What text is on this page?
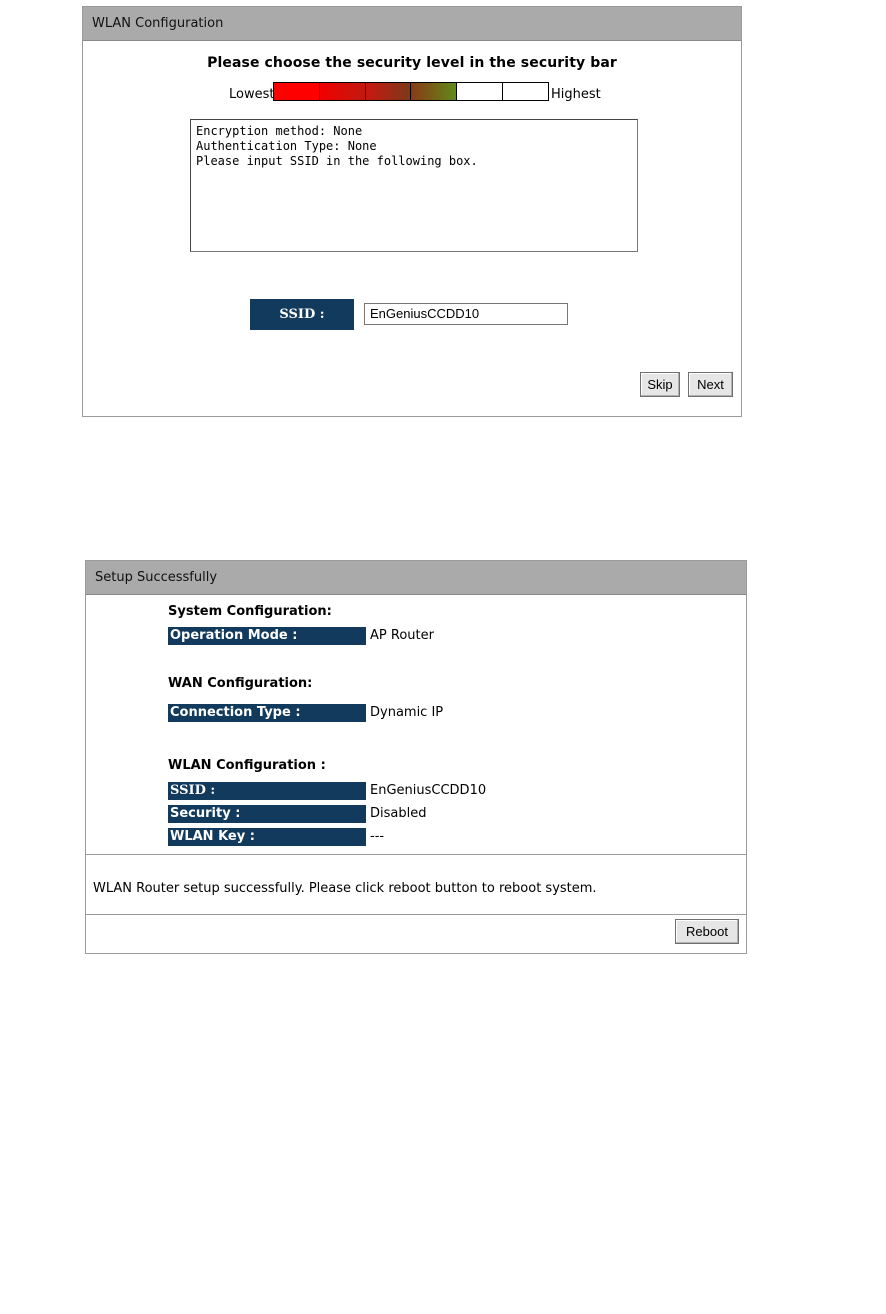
WLAN Configuration
Please choose the security level in the security bar
Lowest	Highest
Encryption method: None
Authentication Type: None
Please input SSID in the following box.
SSID :	EnGeniusCCDD10
Skip	Next
Setup Successfully
System Configuration:
Operation Mode :	AP Router
WAN Configuration:
Connection Type :	Dynamic IP
WLAN Configuration :
SSID :	EnGeniusCCDD10
Security :	Disabled
WLAN Key :	---
WLAN Router setup successfully. Please click reboot button to reboot system.
Reboot
